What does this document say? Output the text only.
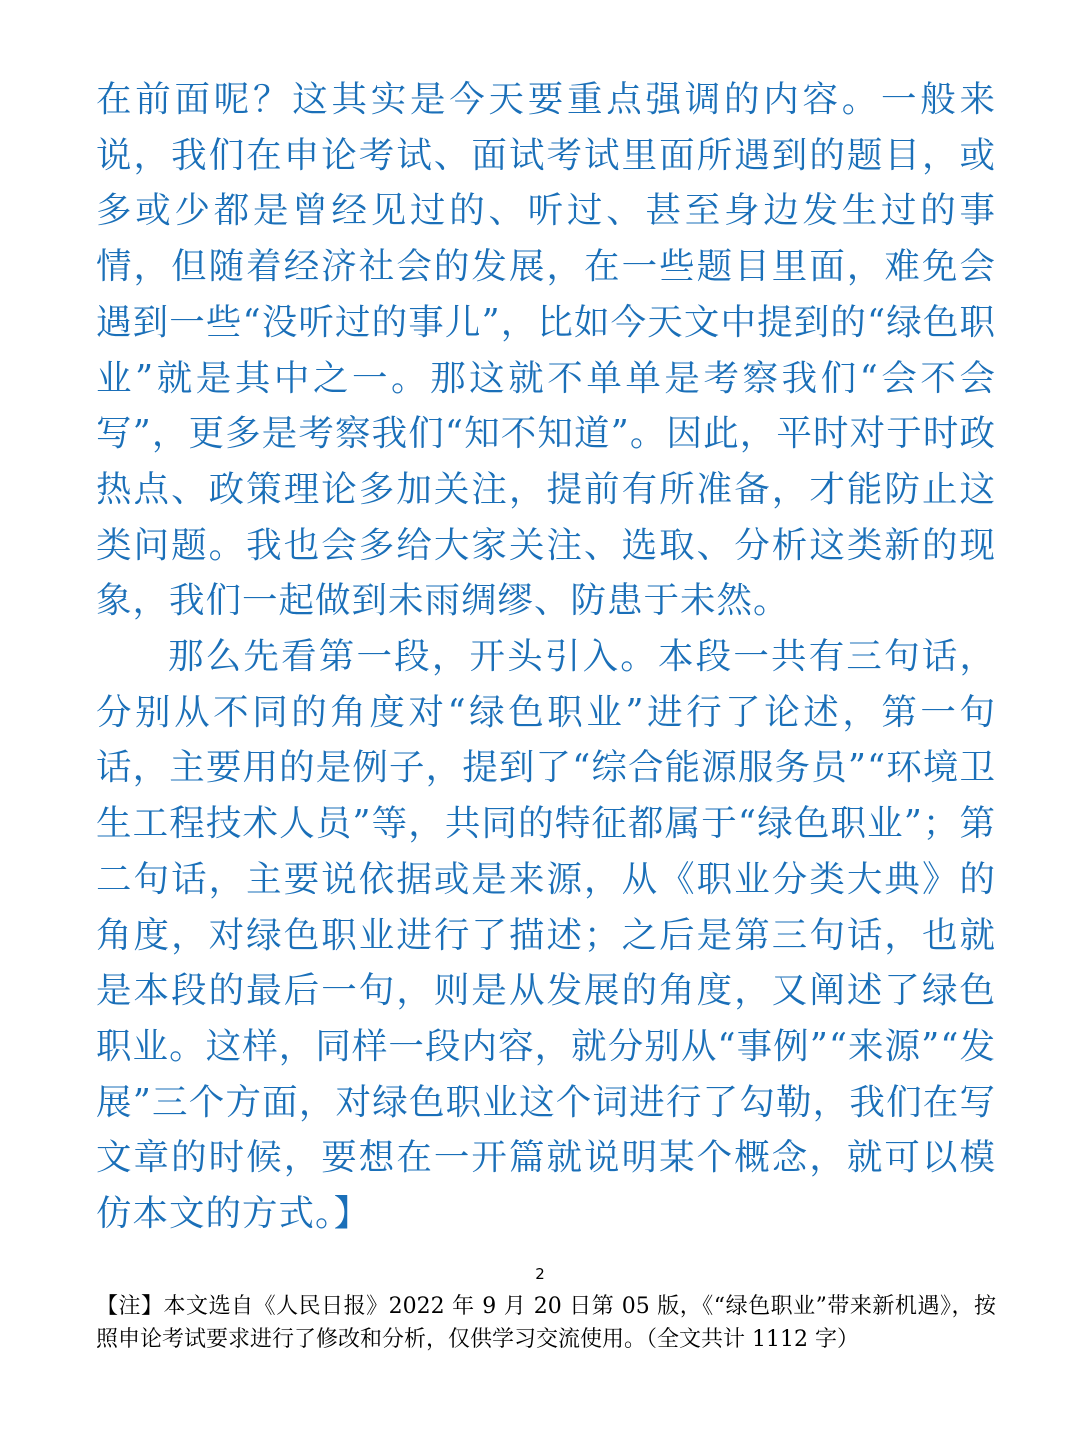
在前面呢？这其实是今天要重点强调的内容。一般来说，我们在申论考试、面试考试里面所遇到的题目，或多或少都是曾经见过的、听过、甚至身边发生过的事情，但随着经济社会的发展，在一些题目里面，难免会遇到一些“没听过的事儿”，比如今天文中提到的“绿色职业”就是其中之一。那这就不单单是考察我们“会不会写”，更多是考察我们“知不知道”。因此，平时对于时政热点、政策理论多加关注，提前有所准备，才能防止这类问题。我也会多给大家关注、选取、分析这类新的现象，我们一起做到未雨绸缪、防患于未然。

那么先看第一段，开头引入。本段一共有三句话，分别从不同的角度对“绿色职业”进行了论述，第一句话，主要用的是例子，提到了“综合能源服务员”“环境卫生工程技术人员”等，共同的特征都属于“绿色职业”；第二句话，主要说依据或是来源，从《职业分类大典》的角度，对绿色职业进行了描述；之后是第三句话，也就是本段的最后一句，则是从发展的角度，又阐述了绿色职业。这样，同样一段内容，就分别从“事例”“来源”“发展”三个方面，对绿色职业这个词进行了勾勒，我们在写文章的时候，要想在一开篇就说明某个概念，就可以模仿本文的方式。】

2

【注】本文选自《人民日报》2022 年 9 月 20 日第 05 版，《“绿色职业”带来新机遇》，按照申论考试要求进行了修改和分析，仅供学习交流使用。（全文共计 1112 字）
